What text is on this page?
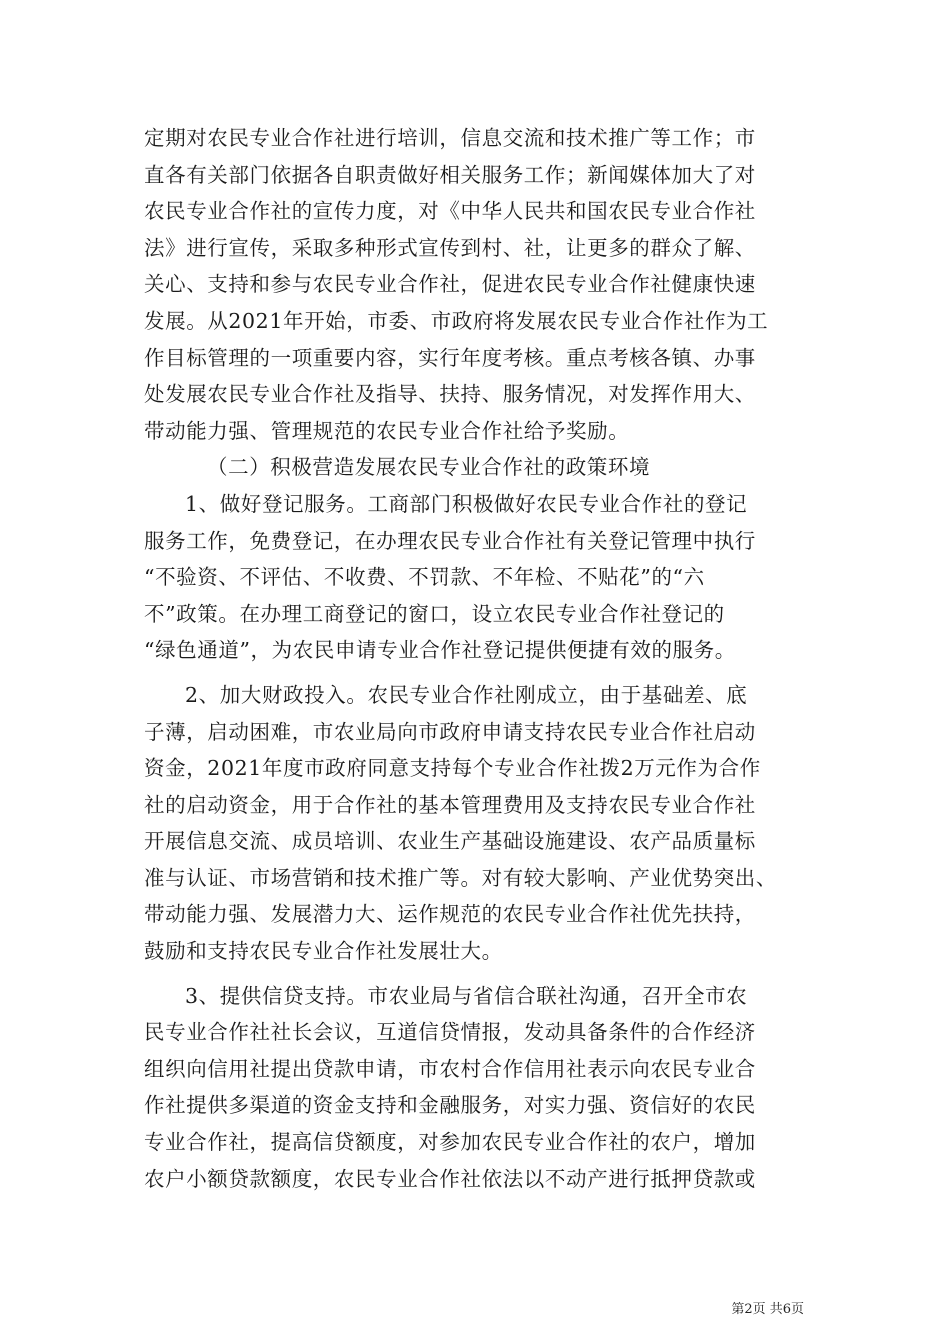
定期对农民专业合作社进行培训，信息交流和技术推广等工作；市
直各有关部门依据各自职责做好相关服务工作；新闻媒体加大了对
农民专业合作社的宣传力度，对《中华人民共和国农民专业合作社
法》进行宣传，采取多种形式宣传到村、社，让更多的群众了解、
关心、支持和参与农民专业合作社，促进农民专业合作社健康快速
发展。从2021年开始，市委、市政府将发展农民专业合作社作为工
作目标管理的一项重要内容，实行年度考核。重点考核各镇、办事
处发展农民专业合作社及指导、扶持、服务情况，对发挥作用大、
带动能力强、管理规范的农民专业合作社给予奖励。
（二）积极营造发展农民专业合作社的政策环境
1、做好登记服务。工商部门积极做好农民专业合作社的登记
服务工作，免费登记，在办理农民专业合作社有关登记管理中执行
“不验资、不评估、不收费、不罚款、不年检、不贴花”的“六
不”政策。在办理工商登记的窗口，设立农民专业合作社登记的
“绿色通道”，为农民申请专业合作社登记提供便捷有效的服务。
2、加大财政投入。农民专业合作社刚成立，由于基础差、底
子薄，启动困难，市农业局向市政府申请支持农民专业合作社启动
资金，2021年度市政府同意支持每个专业合作社拨2万元作为合作
社的启动资金，用于合作社的基本管理费用及支持农民专业合作社
开展信息交流、成员培训、农业生产基础设施建设、农产品质量标
准与认证、市场营销和技术推广等。对有较大影响、产业优势突出、
带动能力强、发展潜力大、运作规范的农民专业合作社优先扶持，
鼓励和支持农民专业合作社发展壮大。
3、提供信贷支持。市农业局与省信合联社沟通，召开全市农
民专业合作社社长会议，互道信贷情报，发动具备条件的合作经济
组织向信用社提出贷款申请，市农村合作信用社表示向农民专业合
作社提供多渠道的资金支持和金融服务，对实力强、资信好的农民
专业合作社，提高信贷额度，对参加农民专业合作社的农户，增加
农户小额贷款额度，农民专业合作社依法以不动产进行抵押贷款或
第2页 共6页
